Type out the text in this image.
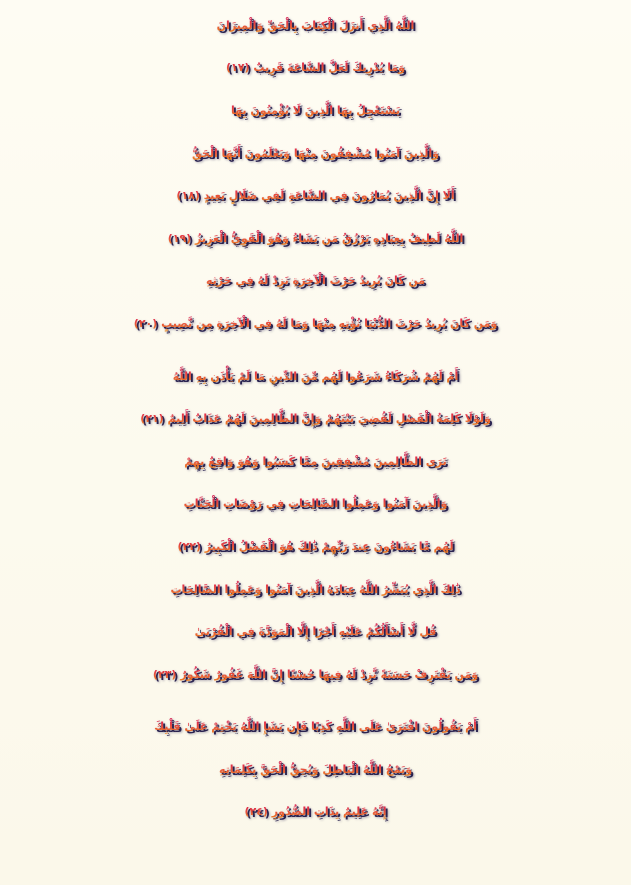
اللَّهُ الَّذِي أَنزَلَ الْكِتَابَ بِالْحَقِّ وَالْمِيزَانَ
وَمَا يُدْرِيكَ لَعَلَّ السَّاعَةَ قَرِيبٌ (١٧)
يَسْتَعْجِلُ بِهَا الَّذِينَ لَا يُؤْمِنُونَ بِهَا
وَالَّذِينَ آمَنُوا مُشْفِقُونَ مِنْهَا وَيَعْلَمُونَ أَنَّهَا الْحَقُّ
أَلَا إِنَّ الَّذِينَ يُمَارُونَ فِي السَّاعَةِ لَفِي ضَلَالٍ بَعِيدٍ (١٨)
اللَّهُ لَطِيفٌ بِعِبَادِهِ يَرْزُقُ مَن يَشَاءُ وَهُوَ الْقَوِيُّ الْعَزِيزُ (١٩)
مَن كَانَ يُرِيدُ حَرْثَ الْآخِرَةِ نَزِدْ لَهُ فِي حَرْثِهِ
وَمَن كَانَ يُرِيدُ حَرْثَ الدُّنْيَا نُؤْتِهِ مِنْهَا وَمَا لَهُ فِي الْآخِرَةِ مِن نَّصِيبٍ (٢٠)
أَمْ لَهُمْ شُرَكَاءُ شَرَعُوا لَهُم مِّنَ الدِّينِ مَا لَمْ يَأْذَن بِهِ اللَّهُ
وَلَوْلَا كَلِمَةُ الْفَصْلِ لَقُضِيَ بَيْنَهُمْ وَإِنَّ الظَّالِمِينَ لَهُمْ عَذَابٌ أَلِيمٌ (٢١)
تَرَى الظَّالِمِينَ مُشْفِقِينَ مِمَّا كَسَبُوا وَهُوَ وَاقِعٌ بِهِمْ
وَالَّذِينَ آمَنُوا وَعَمِلُوا الصَّالِحَاتِ فِي رَوْضَاتِ الْجَنَّاتِ
لَهُم مَّا يَشَاءُونَ عِندَ رَبِّهِمْ ذَٰلِكَ هُوَ الْفَضْلُ الْكَبِيرُ (٢٢)
ذَٰلِكَ الَّذِي يُبَشِّرُ اللَّهُ عِبَادَهُ الَّذِينَ آمَنُوا وَعَمِلُوا الصَّالِحَاتِ
قُل لَّا أَسْأَلُكُمْ عَلَيْهِ أَجْرًا إِلَّا الْمَوَدَّةَ فِي الْقُرْبَىٰ
وَمَن يَقْتَرِفْ حَسَنَةً نَّزِدْ لَهُ فِيهَا حُسْنًا إِنَّ اللَّهَ غَفُورٌ شَكُورٌ (٢٣)
أَمْ يَقُولُونَ افْتَرَىٰ عَلَى اللَّهِ كَذِبًا فَإِن يَشَإِ اللَّهُ يَخْتِمْ عَلَىٰ قَلْبِكَ
وَيَمْحُ اللَّهُ الْبَاطِلَ وَيُحِقُّ الْحَقَّ بِكَلِمَاتِهِ
إِنَّهُ عَلِيمٌ بِذَاتِ الصُّدُورِ (٢٤)
